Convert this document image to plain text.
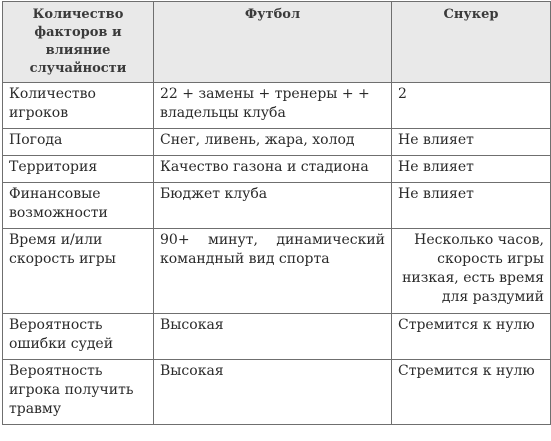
Количество факторов и влияние случайности	Футбол	Снукер
Количество игроков	22 + замены + тренеры + + владельцы клуба	2
Погода	Снег, ливень, жара, холод	Не влияет
Территория	Качество газона и стадиона	Не влияет
Финансовые возможности	Бюджет клуба	Не влияет
Время и/или скорость игры	90+ минут, динамический командный вид спорта	Несколько часов, скорость игры низкая, есть время для раздумий
Вероятность ошибки судей	Высокая	Стремится к нулю
Вероятность игрока получить травму	Высокая	Стремится к нулю
